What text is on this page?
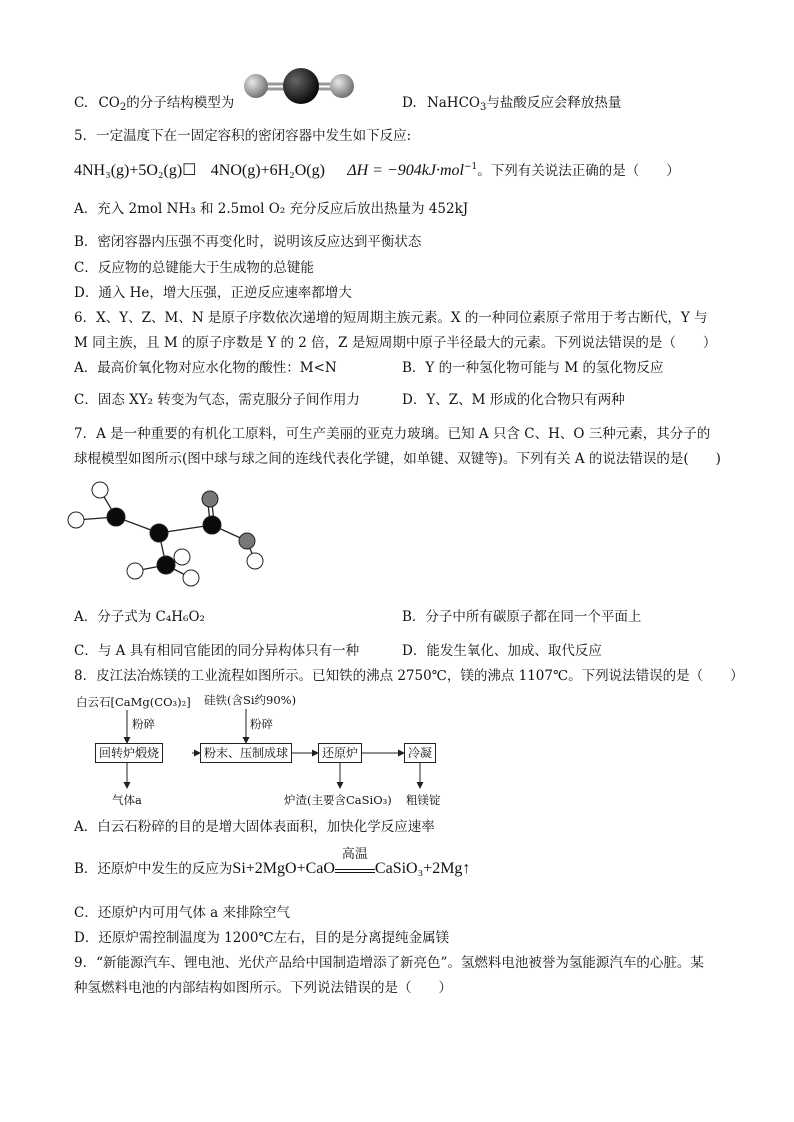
C. $CO_2$的分子结构模型为	D. NaHCO$_3$与盐酸反应会释放热量
5．一定温度下在一固定容积的密闭容器中发生如下反应:
4NH₃(g)+5O₂(g)☐ 4NO(g)+6H₂O(g) ΔH = −904kJ·mol$^{-1}$。下列有关说法正确的是（　　）
A．充入 2mol NH₃ 和 2.5mol O₂ 充分反应后放出热量为 452kJ
B．密闭容器内压强不再变化时，说明该反应达到平衡状态
C．反应物的总键能大于生成物的总键能
D．通入 He，增大压强，正逆反应速率都增大
6．X、Y、Z、M、N 是原子序数依次递增的短周期主族元素。X 的一种同位素原子常用于考古断代，Y 与
M 同主族，且 M 的原子序数是 Y 的 2 倍，Z 是短周期中原子半径最大的元素。下列说法错误的是（　　）
A．最高价氧化物对应水化物的酸性：M<N	B．Y 的一种氢化物可能与 M 的氢化物反应
C．固态 XY₂ 转变为气态，需克服分子间作用力	D．Y、Z、M 形成的化合物只有两种
7．A 是一种重要的有机化工原料，可生产美丽的亚克力玻璃。已知 A 只含 C、H、O 三种元素，其分子的
球棍模型如图所示(图中球与球之间的连线代表化学键，如单键、双键等)。下列有关 A 的说法错误的是(　　)
A．分子式为 C₄H₆O₂	B．分子中所有碳原子都在同一个平面上
C．与 A 具有相同官能团的同分异构体只有一种	D．能发生氧化、加成、取代反应
8．皮江法冶炼镁的工业流程如图所示。已知铁的沸点 2750℃，镁的沸点 1107℃。下列说法错误的是（　　）
白云石[CaMg(CO₃)₂] 硅铁(含Si约90%)
粉碎	粉碎
回转炉煅烧	粉末、压制成球	还原炉	冷凝
气体a	炉渣(主要含CaSiO₃) 粗镁锭
A．白云石粉碎的目的是增大固体表面积，加快化学反应速率
B．还原炉中发生的反应为Si+2MgO+CaO
高温
CaSiO₃+2Mg↑
C．还原炉内可用气体 a 来排除空气
D．还原炉需控制温度为 1200℃左右，目的是分离提纯金属镁
9．“新能源汽车、锂电池、光伏产品给中国制造增添了新亮色”。氢燃料电池被誉为氢能源汽车的心脏。某
种氢燃料电池的内部结构如图所示。下列说法错误的是（　　）
